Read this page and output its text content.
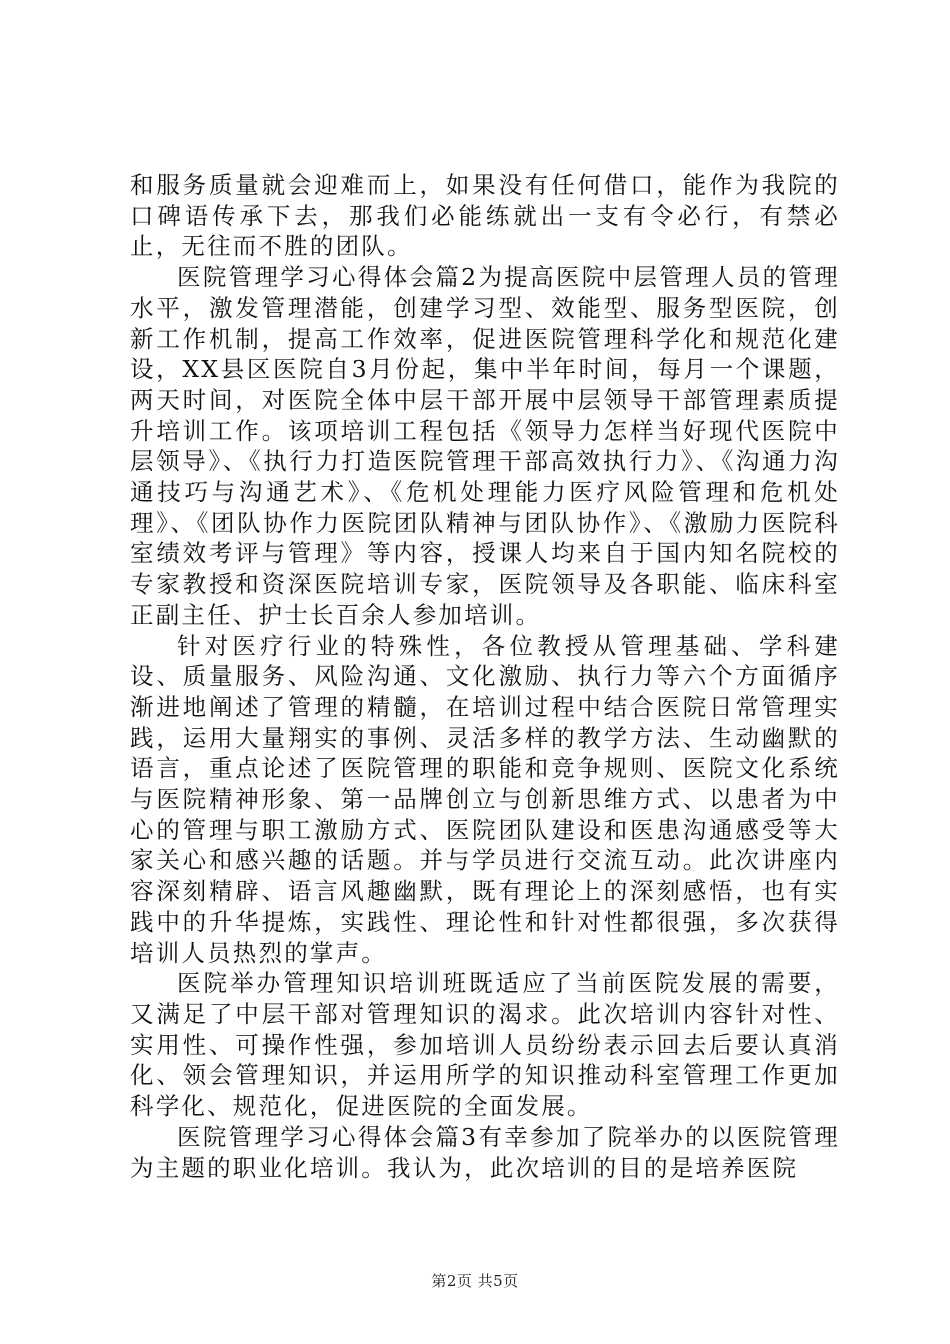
和服务质量就会迎难而上，如果没有任何借口，能作为我院的口碑语传承下去，那我们必能练就出一支有令必行，有禁必止，无往而不胜的团队。

医院管理学习心得体会篇2为提高医院中层管理人员的管理水平，激发管理潜能，创建学习型、效能型、服务型医院，创新工作机制，提高工作效率，促进医院管理科学化和规范化建设，XX县区医院自3月份起，集中半年时间，每月一个课题，两天时间，对医院全体中层干部开展中层领导干部管理素质提升培训工作。该项培训工程包括《领导力怎样当好现代医院中层领导》、《执行力打造医院管理干部高效执行力》、《沟通力沟通技巧与沟通艺术》、《危机处理能力医疗风险管理和危机处理》、《团队协作力医院团队精神与团队协作》、《激励力医院科室绩效考评与管理》等内容，授课人均来自于国内知名院校的专家教授和资深医院培训专家，医院领导及各职能、临床科室正副主任、护士长百余人参加培训。

针对医疗行业的特殊性，各位教授从管理基础、学科建设、质量服务、风险沟通、文化激励、执行力等六个方面循序渐进地阐述了管理的精髓，在培训过程中结合医院日常管理实践，运用大量翔实的事例、灵活多样的教学方法、生动幽默的语言，重点论述了医院管理的职能和竞争规则、医院文化系统与医院精神形象、第一品牌创立与创新思维方式、以患者为中心的管理与职工激励方式、医院团队建设和医患沟通感受等大家关心和感兴趣的话题。并与学员进行交流互动。此次讲座内容深刻精辟、语言风趣幽默，既有理论上的深刻感悟，也有实践中的升华提炼，实践性、理论性和针对性都很强，多次获得培训人员热烈的掌声。

医院举办管理知识培训班既适应了当前医院发展的需要，又满足了中层干部对管理知识的渴求。此次培训内容针对性、实用性、可操作性强，参加培训人员纷纷表示回去后要认真消化、领会管理知识，并运用所学的知识推动科室管理工作更加科学化、规范化，促进医院的全面发展。

医院管理学习心得体会篇3有幸参加了院举办的以医院管理为主题的职业化培训。我认为，此次培训的目的是培养医院

第2页 共5页
